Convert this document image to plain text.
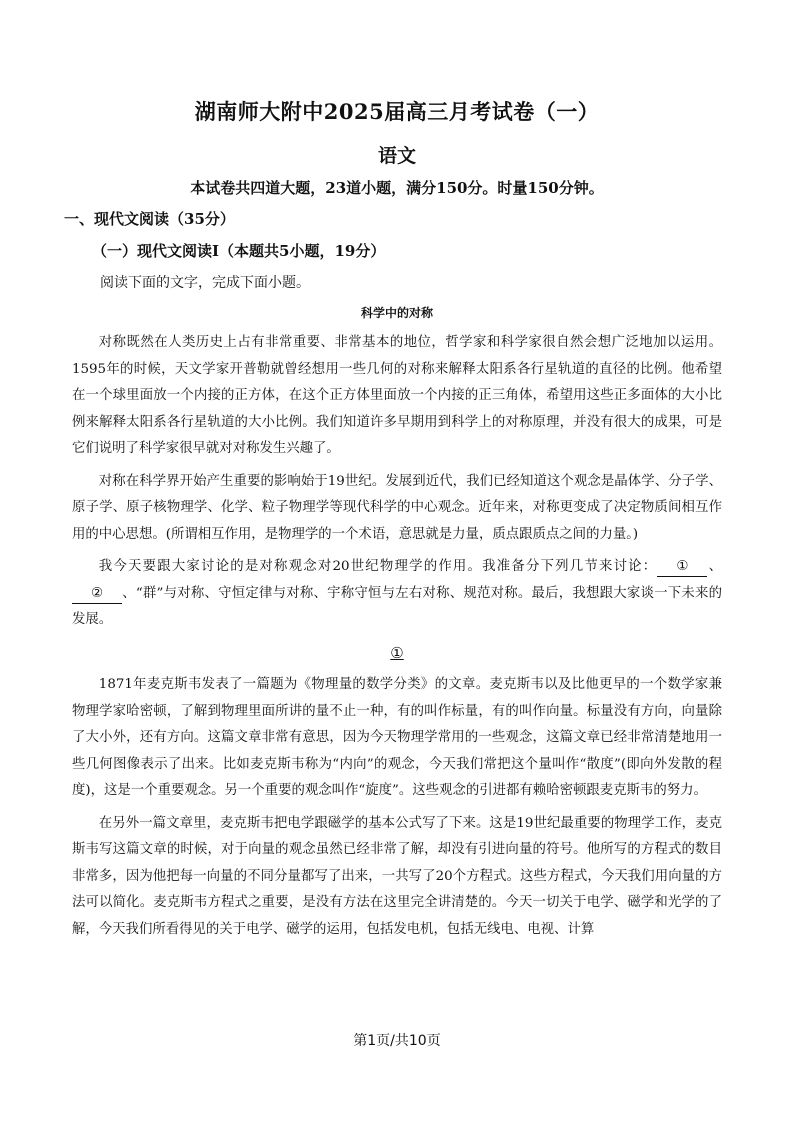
湖南师大附中2025届高三月考试卷（一）
语文
本试卷共四道大题，23道小题，满分150分。时量150分钟。
一、现代文阅读（35分）
（一）现代文阅读Ⅰ（本题共5小题，19分）
阅读下面的文字，完成下面小题。
科学中的对称

对称既然在人类历史上占有非常重要、非常基本的地位，哲学家和科学家很自然会想广泛地加以运用。1595年的时候，天文学家开普勒就曾经想用一些几何的对称来解释太阳系各行星轨道的直径的比例。他希望在一个球里面放一个内接的正方体，在这个正方体里面放一个内接的正三角体，希望用这些正多面体的大小比例来解释太阳系各行星轨道的大小比例。我们知道许多早期用到科学上的对称原理，并没有很大的成果，可是它们说明了科学家很早就对对称发生兴趣了。

对称在科学界开始产生重要的影响始于19世纪。发展到近代，我们已经知道这个观念是晶体学、分子学、原子学、原子核物理学、化学、粒子物理学等现代科学的中心观念。近年来，对称更变成了决定物质间相互作用的中心思想。(所谓相互作用，是物理学的一个术语，意思就是力量，质点跟质点之间的力量。)

我今天要跟大家讨论的是对称观念对20世纪物理学的作用。我准备分下列几节来讨论： ① 、② 、“群”与对称、守恒定律与对称、宇称守恒与左右对称、规范对称。最后，我想跟大家谈一下未来的发展。

①

1871年麦克斯韦发表了一篇题为《物理量的数学分类》的文章。麦克斯韦以及比他更早的一个数学家兼物理学家哈密顿，了解到物理里面所讲的量不止一种，有的叫作标量，有的叫作向量。标量没有方向，向量除了大小外，还有方向。这篇文章非常有意思，因为今天物理学常用的一些观念，这篇文章已经非常清楚地用一些几何图像表示了出来。比如麦克斯韦称为“内向”的观念，今天我们常把这个量叫作“散度”(即向外发散的程度)，这是一个重要观念。另一个重要的观念叫作“旋度”。这些观念的引进都有赖哈密顿跟麦克斯韦的努力。

在另外一篇文章里，麦克斯韦把电学跟磁学的基本公式写了下来。这是19世纪最重要的物理学工作，麦克斯韦写这篇文章的时候，对于向量的观念虽然已经非常了解，却没有引进向量的符号。他所写的方程式的数目非常多，因为他把每一向量的不同分量都写了出来，一共写了20个方程式。这些方程式，今天我们用向量的方法可以简化。麦克斯韦方程式之重要，是没有方法在这里完全讲清楚的。今天一切关于电学、磁学和光学的了解，今天我们所看得见的关于电学、磁学的运用，包括发电机，包括无线电、电视、计算

第1页/共10页
